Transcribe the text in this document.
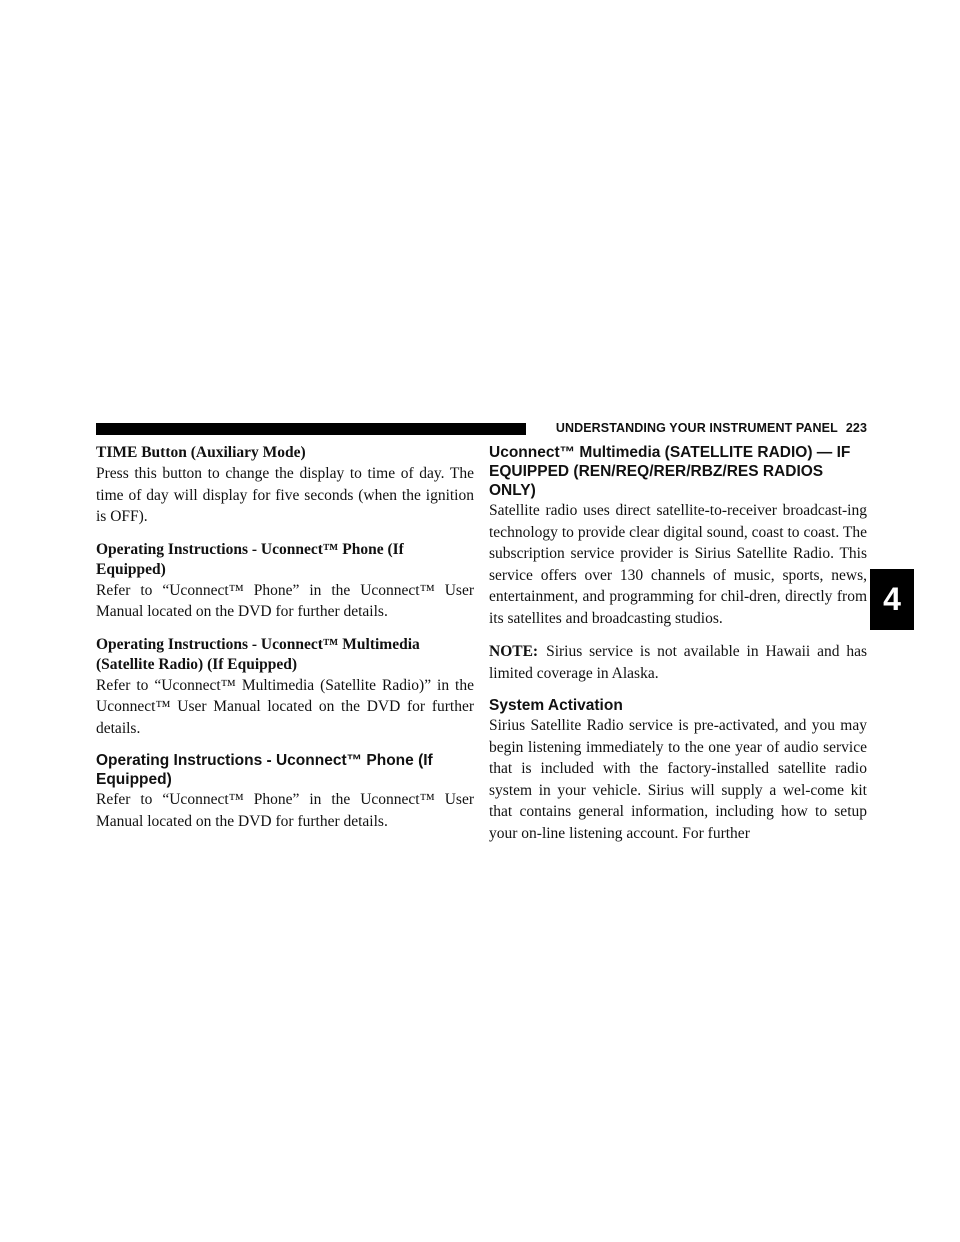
UNDERSTANDING YOUR INSTRUMENT PANEL 223
4
TIME Button (Auxiliary Mode)

Press this button to change the display to time of day. The time of day will display for five seconds (when the ignition is OFF).

Operating Instructions - Uconnect™ Phone (If Equipped)

Refer to “Uconnect™ Phone” in the Uconnect™ User Manual located on the DVD for further details.

Operating Instructions - Uconnect™ Multimedia (Satellite Radio) (If Equipped)

Refer to “Uconnect™ Multimedia (Satellite Radio)” in the Uconnect™ User Manual located on the DVD for further details.

Operating Instructions - Uconnect™ Phone (If Equipped)

Refer to “Uconnect™ Phone” in the Uconnect™ User Manual located on the DVD for further details.

Uconnect™ Multimedia (SATELLITE RADIO) — IF EQUIPPED (REN/REQ/RER/RBZ/RES RADIOS ONLY)

Satellite radio uses direct satellite-to-receiver broadcast-ing technology to provide clear digital sound, coast to coast. The subscription service provider is Sirius Satellite Radio. This service offers over 130 channels of music, sports, news, entertainment, and programming for chil-dren, directly from its satellites and broadcasting studios.

NOTE: Sirius service is not available in Hawaii and has limited coverage in Alaska.

System Activation

Sirius Satellite Radio service is pre-activated, and you may begin listening immediately to the one year of audio service that is included with the factory-installed satellite radio system in your vehicle. Sirius will supply a wel-come kit that contains general information, including how to setup your on-line listening account. For further
